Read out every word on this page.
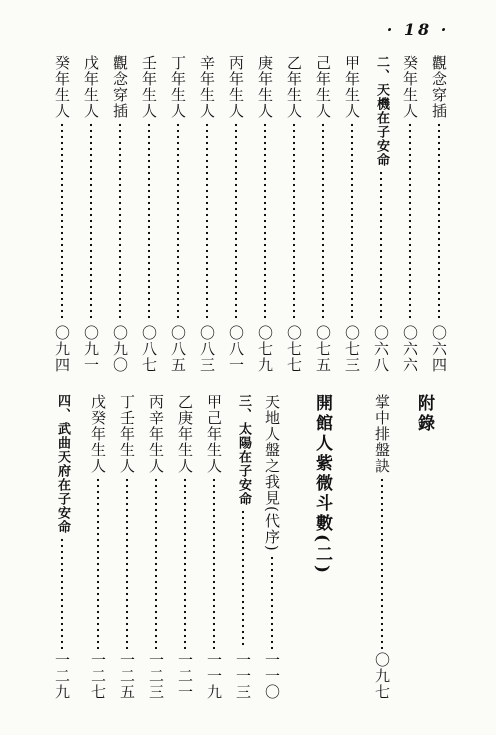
· 18 ·
觀念穿插
〇六四
癸年生人
〇六六
二、天機在子安命
〇六八
甲年生人
〇七三
己年生人
〇七五
乙年生人
〇七七
庚年生人
〇七九
丙年生人
〇八一
辛年生人
〇八三
丁年生人
〇八五
壬年生人
〇八七
觀念穿插
〇九〇
戊年生人
〇九一
癸年生人
〇九四
附錄
掌中排盤訣
〇九七
開館人紫微斗數(二)
天地人盤之我見(代序)
一一〇
三、太陽在子安命
一一三
甲己年生人
一一九
乙庚年生人
一二一
丙辛年生人
一二三
丁壬年生人
一二五
戊癸年生人
一二七
四、武曲天府在子安命
一二九
